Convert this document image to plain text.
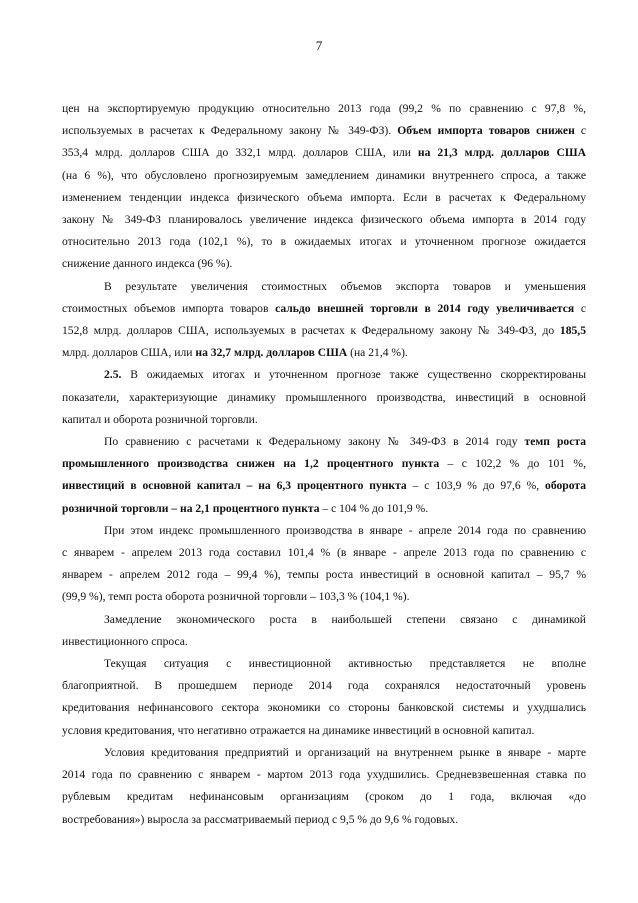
7
цен на экспортируемую продукцию относительно 2013 года (99,2 % по сравнению с 97,8 %,
используемых в расчетах к Федеральному закону № 349-ФЗ). Объем импорта товаров снижен с
353,4 млрд. долларов США до 332,1 млрд. долларов США, или на 21,3 млрд. долларов США
(на 6 %), что обусловлено прогнозируемым замедлением динамики внутреннего спроса, а также
изменением тенденции индекса физического объема импорта. Если в расчетах к Федеральному
закону № 349-ФЗ планировалось увеличение индекса физического объема импорта в 2014 году
относительно 2013 года (102,1 %), то в ожидаемых итогах и уточненном прогнозе ожидается
снижение данного индекса (96 %).
В результате увеличения стоимостных объемов экспорта товаров и уменьшения
стоимостных объемов импорта товаров сальдо внешней торговли в 2014 году увеличивается с
152,8 млрд. долларов США, используемых в расчетах к Федеральному закону № 349-ФЗ, до 185,5
млрд. долларов США, или на 32,7 млрд. долларов США (на 21,4 %).
2.5. В ожидаемых итогах и уточненном прогнозе также существенно скорректированы
показатели, характеризующие динамику промышленного производства, инвестиций в основной
капитал и оборота розничной торговли.
По сравнению с расчетами к Федеральному закону № 349-ФЗ в 2014 году темп роста
промышленного производства снижен на 1,2 процентного пункта – с 102,2 % до 101 %,
инвестиций в основной капитал – на 6,3 процентного пункта – с 103,9 % до 97,6 %, оборота
розничной торговли – на 2,1 процентного пункта – с 104 % до 101,9 %.
При этом индекс промышленного производства в январе - апреле 2014 года по сравнению
с январем - апрелем 2013 года составил 101,4 % (в январе - апреле 2013 года по сравнению с
январем - апрелем 2012 года – 99,4 %), темпы роста инвестиций в основной капитал – 95,7 %
(99,9 %), темп роста оборота розничной торговли – 103,3 % (104,1 %).
Замедление экономического роста в наибольшей степени связано с динамикой
инвестиционного спроса.
Текущая ситуация с инвестиционной активностью представляется не вполне
благоприятной. В прошедшем периоде 2014 года сохранялся недостаточный уровень
кредитования нефинансового сектора экономики со стороны банковской системы и ухудшались
условия кредитования, что негативно отражается на динамике инвестиций в основной капитал.
Условия кредитования предприятий и организаций на внутреннем рынке в январе - марте
2014 года по сравнению с январем - мартом 2013 года ухудшились. Средневзвешенная ставка по
рублевым кредитам нефинансовым организациям (сроком до 1 года, включая «до
востребования») выросла за рассматриваемый период с 9,5 % до 9,6 % годовых.
